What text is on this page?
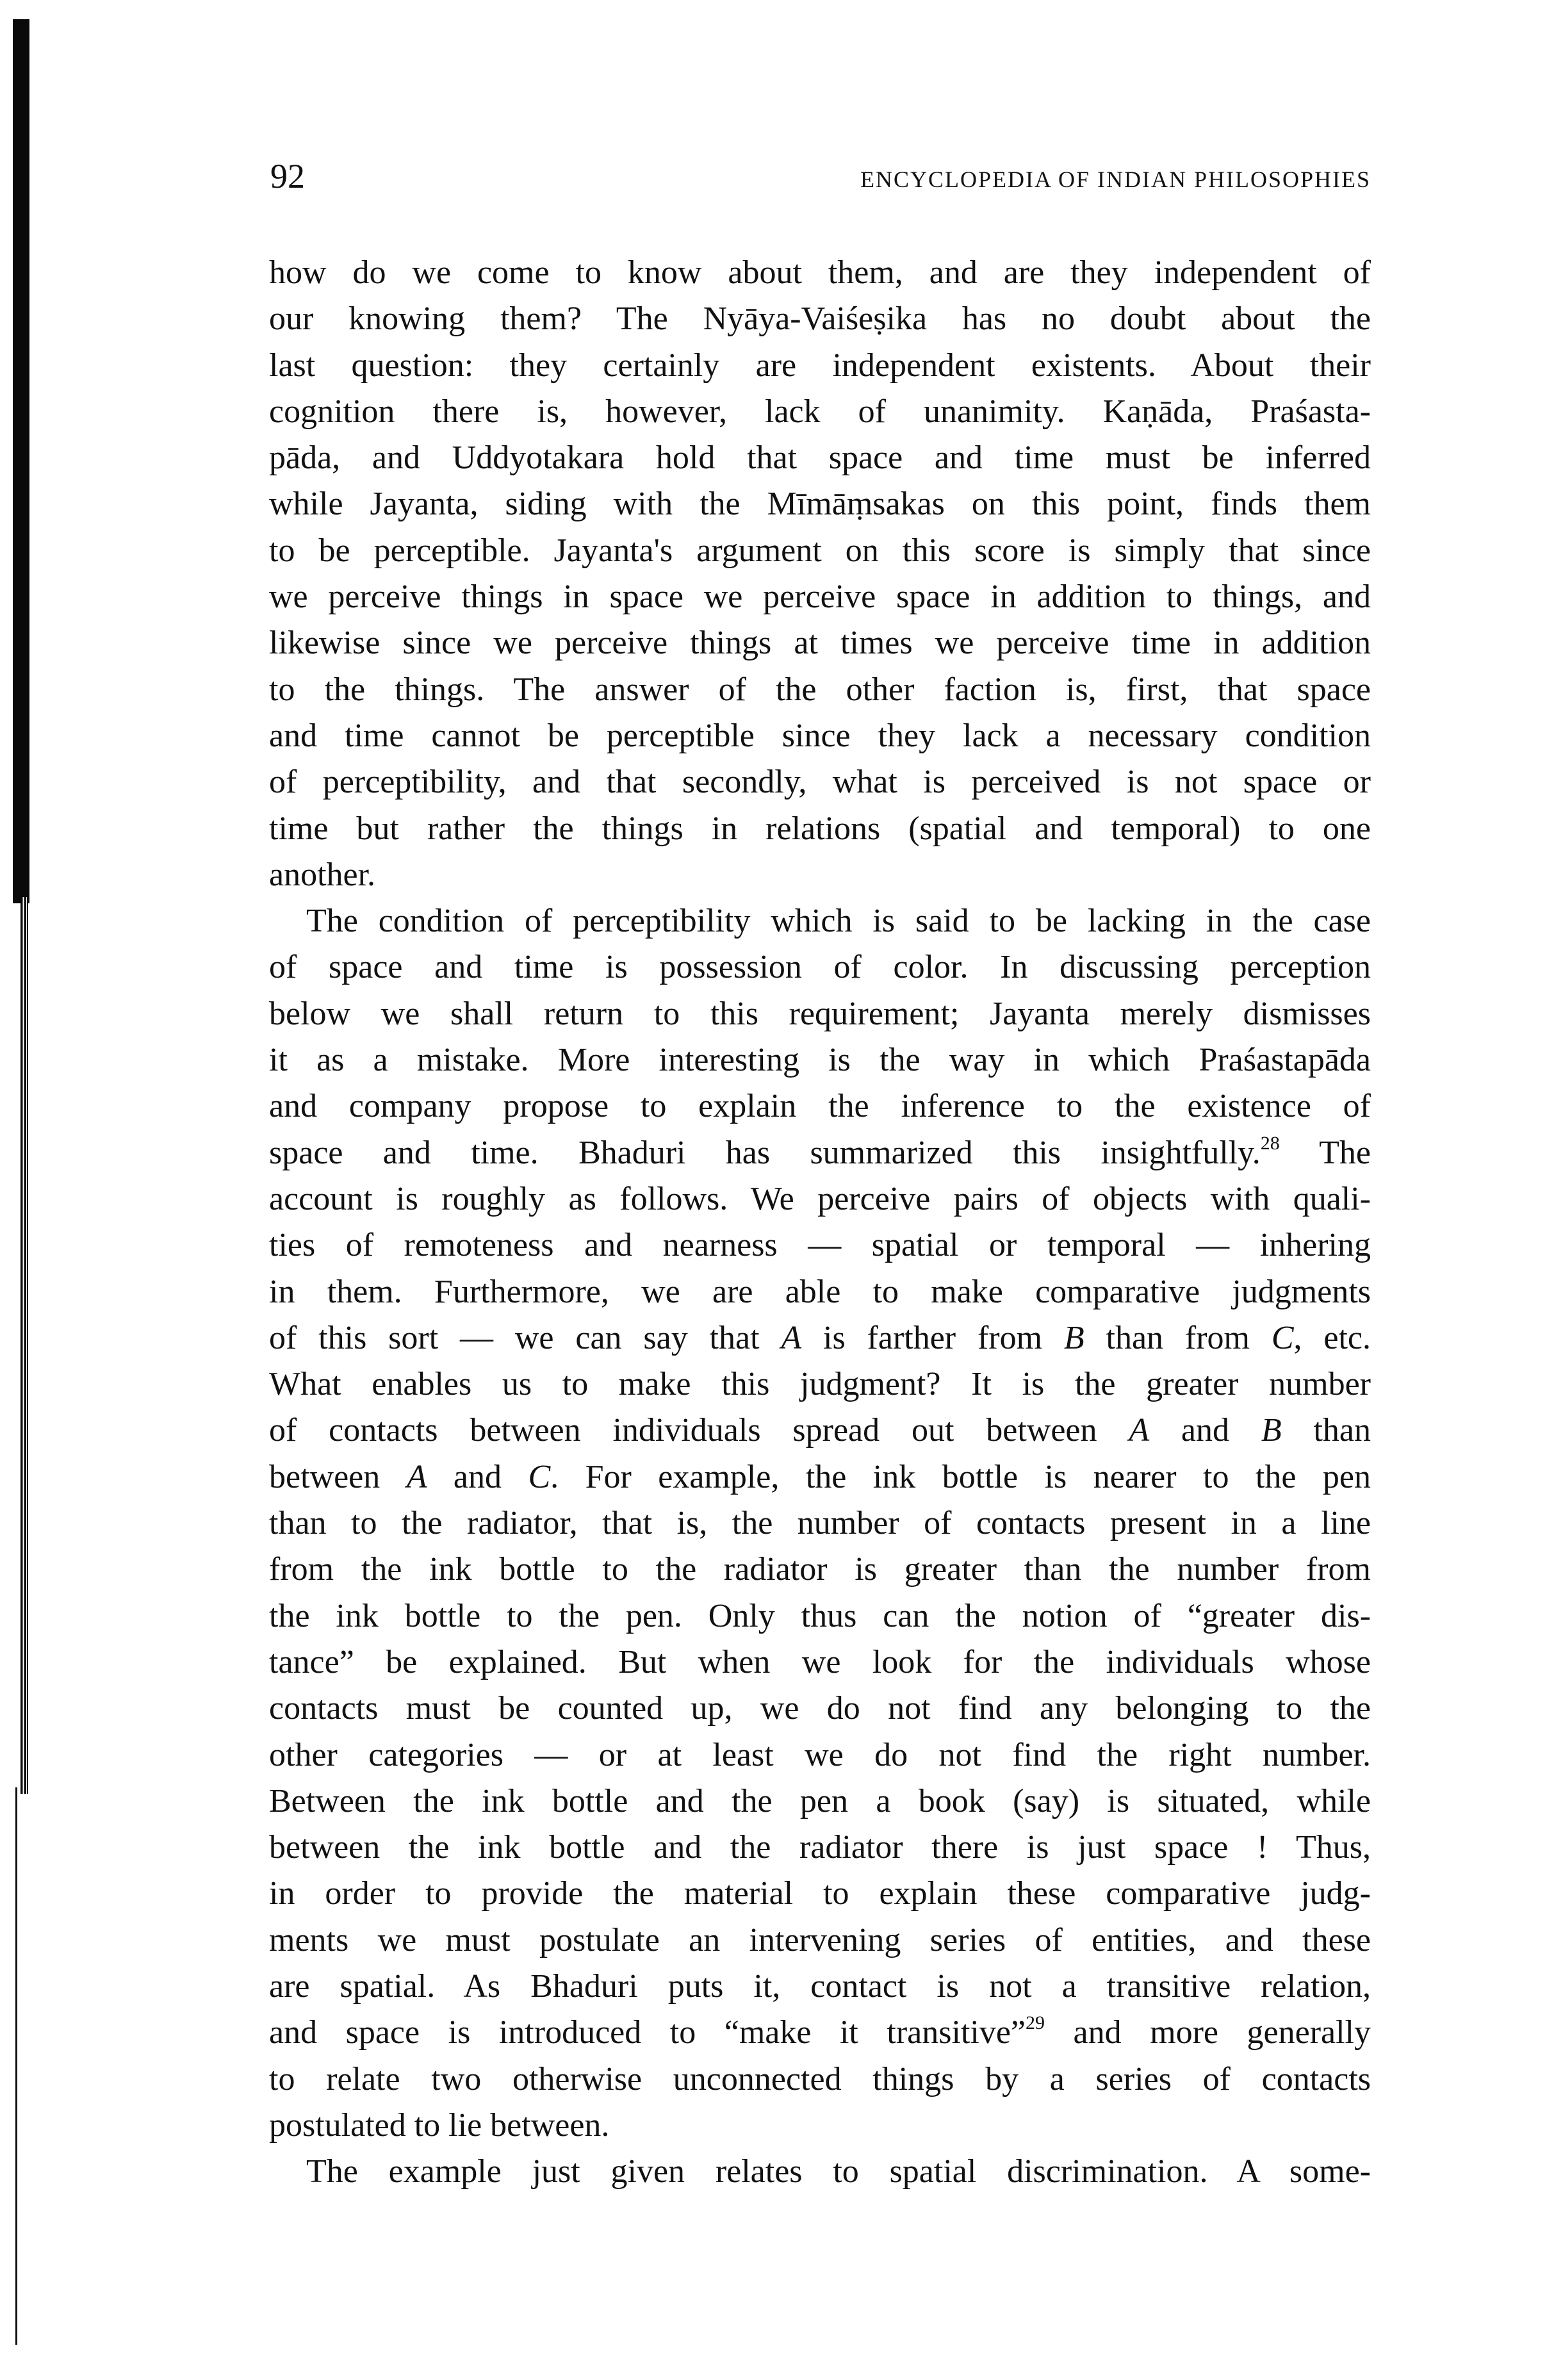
92	ENCYCLOPEDIA OF INDIAN PHILOSOPHIES
how do we come to know about them, and are they independent of
our knowing them? The Nyāya-Vaiśeṣika has no doubt about the
last question: they certainly are independent existents. About their
cognition there is, however, lack of unanimity. Kaṇāda, Praśasta-
pāda, and Uddyotakara hold that space and time must be inferred
while Jayanta, siding with the Mīmāṃsakas on this point, finds them
to be perceptible. Jayanta's argument on this score is simply that since
we perceive things in space we perceive space in addition to things, and
likewise since we perceive things at times we perceive time in addition
to the things. The answer of the other faction is, first, that space
and time cannot be perceptible since they lack a necessary condition
of perceptibility, and that secondly, what is perceived is not space or
time but rather the things in relations (spatial and temporal) to one
another.
The condition of perceptibility which is said to be lacking in the case
of space and time is possession of color. In discussing perception
below we shall return to this requirement; Jayanta merely dismisses
it as a mistake. More interesting is the way in which Praśastapāda
and company propose to explain the inference to the existence of
space and time. Bhaduri has summarized this insightfully.$^{28}$ The
account is roughly as follows. We perceive pairs of objects with quali-
ties of remoteness and nearness — spatial or temporal — inhering
in them. Furthermore, we are able to make comparative judgments
of this sort — we can say that A is farther from B than from C, etc.
What enables us to make this judgment? It is the greater number
of contacts between individuals spread out between A and B than
between A and C. For example, the ink bottle is nearer to the pen
than to the radiator, that is, the number of contacts present in a line
from the ink bottle to the radiator is greater than the number from
the ink bottle to the pen. Only thus can the notion of “greater dis-
tance” be explained. But when we look for the individuals whose
contacts must be counted up, we do not find any belonging to the
other categories — or at least we do not find the right number.
Between the ink bottle and the pen a book (say) is situated, while
between the ink bottle and the radiator there is just space ! Thus,
in order to provide the material to explain these comparative judg-
ments we must postulate an intervening series of entities, and these
are spatial. As Bhaduri puts it, contact is not a transitive relation,
and space is introduced to “make it transitive”$^{29}$ and more generally
to relate two otherwise unconnected things by a series of contacts
postulated to lie between.
The example just given relates to spatial discrimination. A some-
